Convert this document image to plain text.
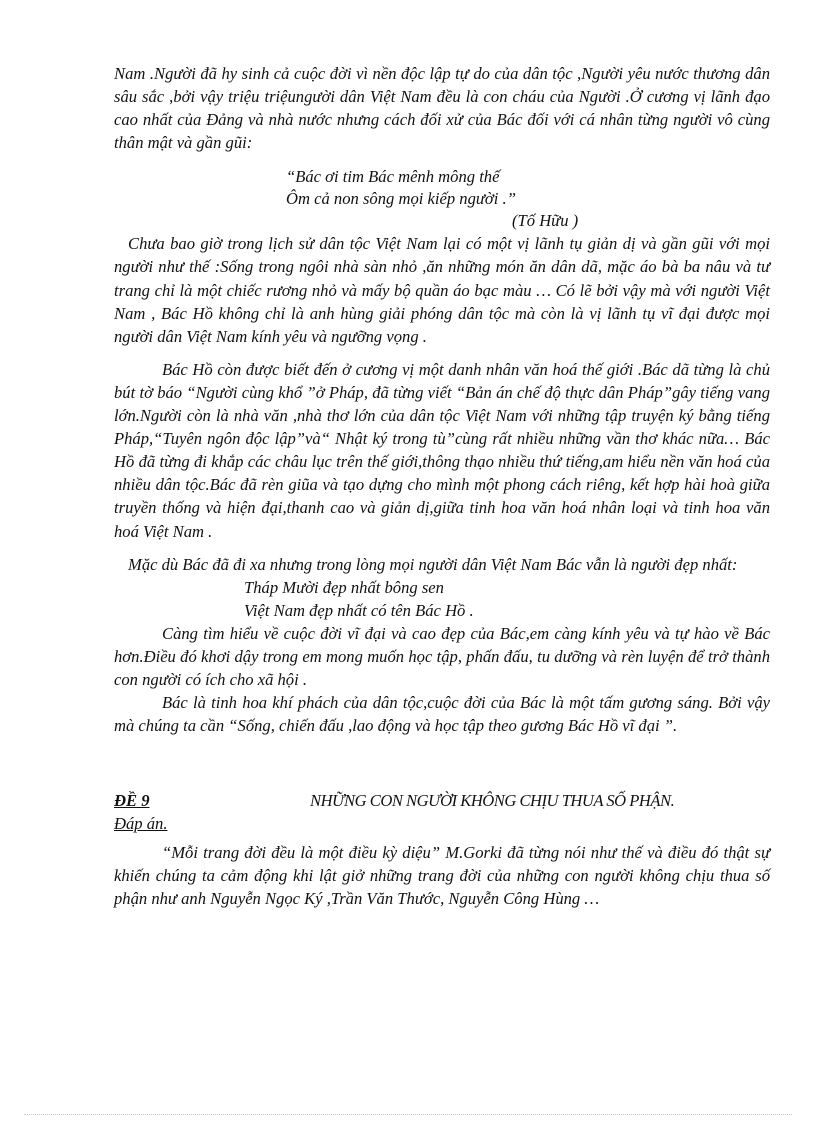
Nam .Người đã hy sinh cả cuộc đời vì nền độc lập tự do của dân tộc ,Người yêu nước thương dân sâu sắc ,bởi vậy triệu triệungười dân Việt Nam đều là con cháu của Người .Ở cương vị lãnh đạo cao nhất của Đảng và nhà nước nhưng cách đối xử của Bác đối với cá nhân từng người vô cùng thân mật và gần gũi:

“Bác ơi tim Bác mênh mông thế
Ôm cả non sông mọi kiếp người .”
(Tố Hữu )

Chưa bao giờ trong lịch sử dân tộc Việt Nam lại có một vị lãnh tụ giản dị và gần gũi với mọi người như thế :Sống trong ngôi nhà sàn nhỏ ,ăn những món ăn dân dã, mặc áo bà ba nâu và tư trang chỉ là một chiếc rương nhỏ và mấy bộ quần áo bạc màu … Có lẽ bởi vậy mà với người Việt Nam , Bác Hồ không chỉ là anh hùng giải phóng dân tộc mà còn là vị lãnh tụ vĩ đại được mọi người dân Việt Nam kính yêu và ngưỡng vọng .

Bác Hồ còn được biết đến ở cương vị một danh nhân văn hoá thế giới .Bác dã từng là chủ bút tờ báo “Người cùng khổ ”ở Pháp, đã từng viết “Bản án chế độ thực dân Pháp”gây tiếng vang lớn.Người còn là nhà văn ,nhà thơ lớn của dân tộc Việt Nam với những tập truyện ký bằng tiếng Pháp,“Tuyên ngôn độc lập”và“ Nhật ký trong tù”cùng rất nhiều những vần thơ khác nữa… Bác Hồ đã từng đi khắp các châu lục trên thế giới,thông thạo nhiều thứ tiếng,am hiểu nền văn hoá của nhiều dân tộc.Bác đã rèn giũa và tạo dựng cho mình một phong cách riêng, kết hợp hài hoà giữa truyền thống và hiện đại,thanh cao và giản dị,giữa tinh hoa văn hoá nhân loại và tinh hoa văn hoá Việt Nam .

Mặc dù Bác đã đi xa nhưng trong lòng mọi người dân Việt Nam Bác vẫn là người đẹp nhất:

Tháp Mười đẹp nhất bông sen
Việt Nam đẹp nhất có tên Bác Hồ .

Càng tìm hiểu về cuộc đời vĩ đại và cao đẹp của Bác,em càng kính yêu và tự hào về Bác hơn.Điều đó khơi dậy trong em mong muốn học tập, phấn đấu, tu dưỡng và rèn luyện để trở thành con người có ích cho xã hội .

Bác là tinh hoa khí phách của dân tộc,cuộc đời của Bác là một tấm gương sáng. Bởi vậy mà chúng ta cần “Sống, chiến đấu ,lao động và học tập theo gương Bác Hồ vĩ đại ”.

ĐỀ 9	NHỮNG CON NGƯỜI KHÔNG CHỊU THUA SỐ PHẬN.
Đáp án.

“Mỗi trang đời đều là một điều kỳ diệu” M.Gorki đã từng nói như thế và điều đó thật sự khiến chúng ta cảm động khi lật giở những trang đời của những con người không chịu thua số phận như anh Nguyễn Ngọc Ký ,Trần Văn Thước, Nguyễn Công Hùng …
